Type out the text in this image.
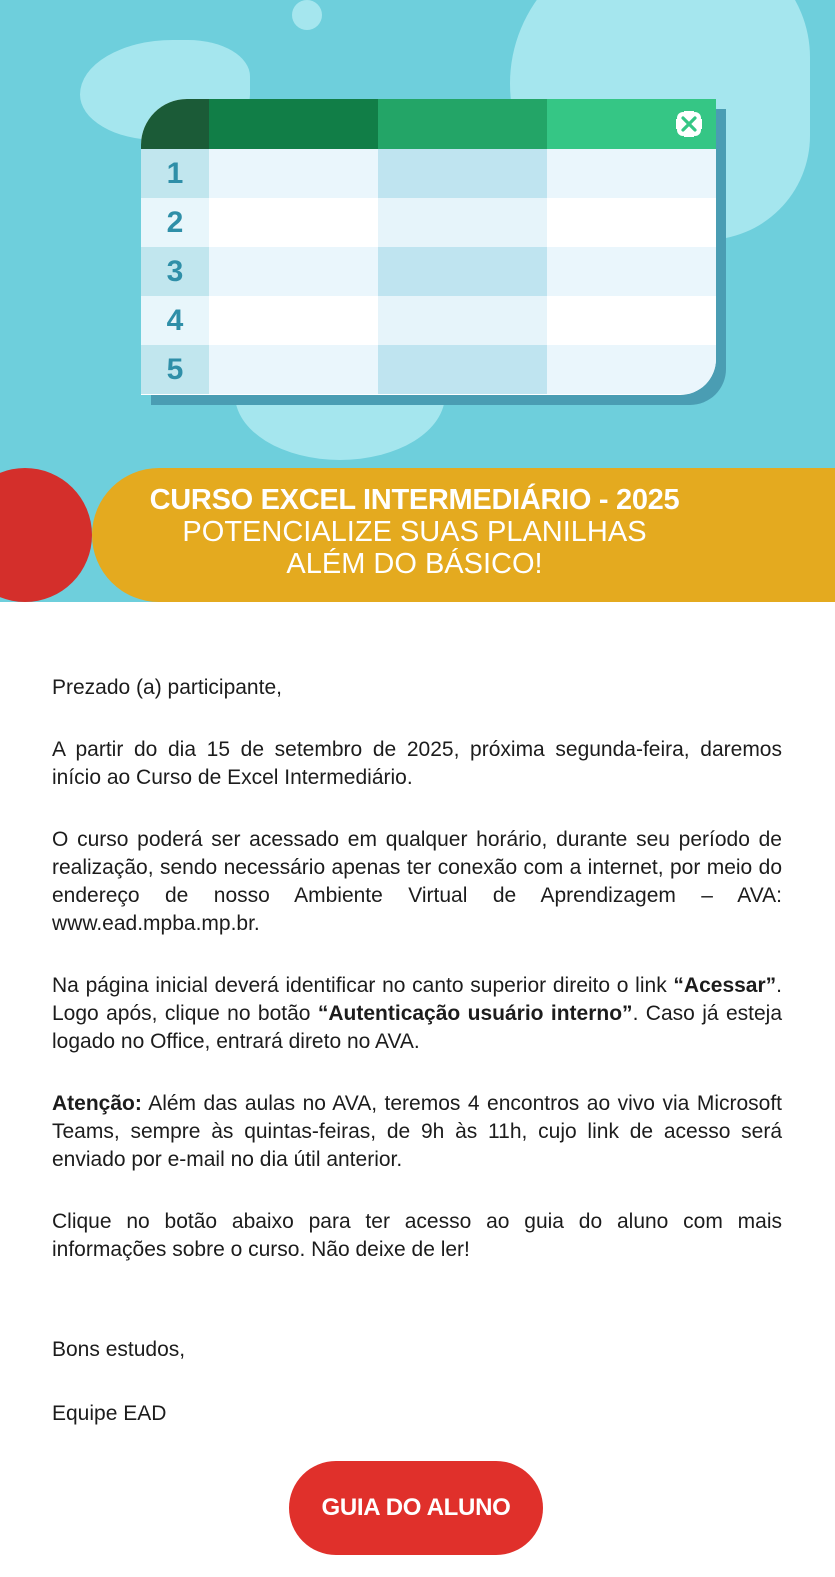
1
2
3
4
5
CURSO EXCEL INTERMEDIÁRIO - 2025
POTENCIALIZE SUAS PLANILHAS
ALÉM DO BÁSICO!

Prezado (a) participante,

A partir do dia 15 de setembro de 2025, próxima segunda-feira, daremos início ao Curso de Excel Intermediário.

O curso poderá ser acessado em qualquer horário, durante seu período de realização, sendo necessário apenas ter conexão com a internet, por meio do endereço de nosso Ambiente Virtual de Aprendizagem – AVA: www.ead.mpba.mp.br.

Na página inicial deverá identificar no canto superior direito o link “Acessar”. Logo após, clique no botão “Autenticação usuário interno”. Caso já esteja logado no Office, entrará direto no AVA.

Atenção: Além das aulas no AVA, teremos 4 encontros ao vivo via Microsoft Teams, sempre às quintas-feiras, de 9h às 11h, cujo link de acesso será enviado por e-mail no dia útil anterior.

Clique no botão abaixo para ter acesso ao guia do aluno com mais informações sobre o curso. Não deixe de ler!

Bons estudos,
Equipe EAD
GUIA DO ALUNO
